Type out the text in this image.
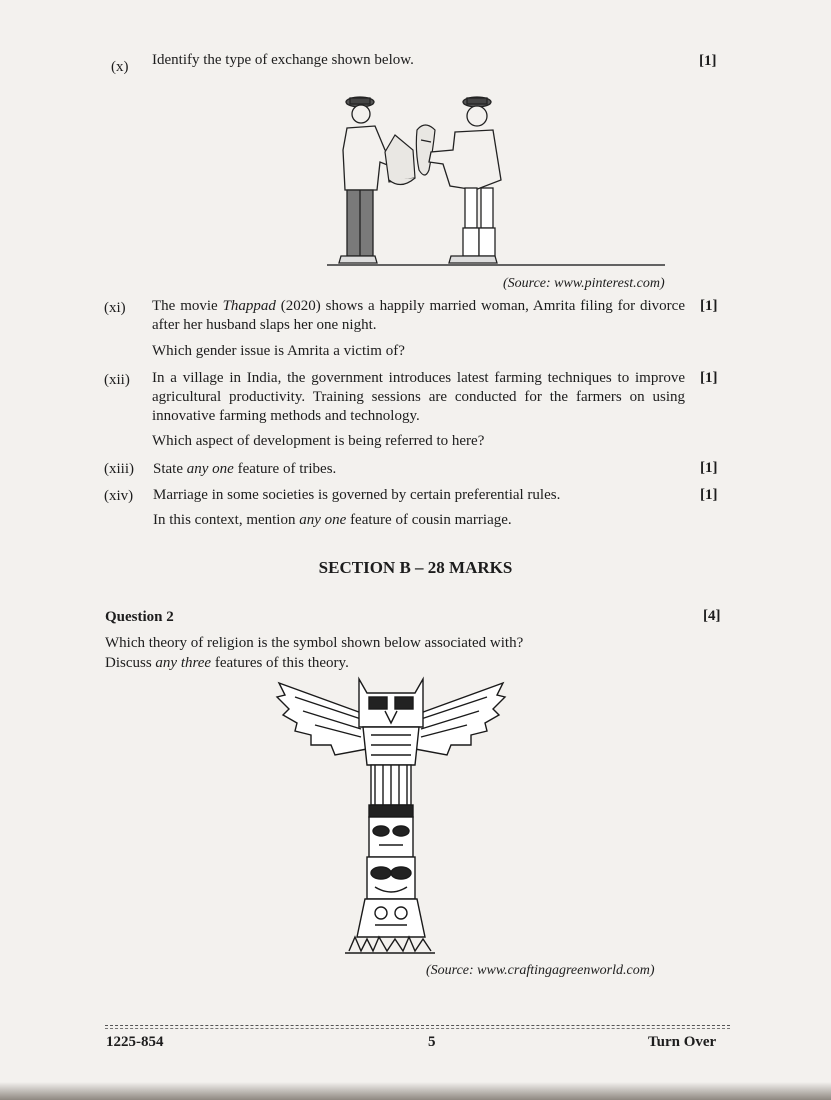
(x) Identify the type of exchange shown below.	[1]
(Source: www.pinterest.com)
(xi) The movie Thappad (2020) shows a happily married woman, Amrita filing for divorce after her husband slaps her one night.
Which gender issue is Amrita a victim of?
[1]
(xii) In a village in India, the government introduces latest farming techniques to improve agricultural productivity. Training sessions are conducted for the farmers on using innovative farming methods and technology.
Which aspect of development is being referred to here?
[1]
(xiii) State any one feature of tribes.	[1]
(xiv) Marriage in some societies is governed by certain preferential rules.
In this context, mention any one feature of cousin marriage.
[1]
SECTION B – 28 MARKS
Question 2	[4]
Which theory of religion is the symbol shown below associated with?
Discuss any three features of this theory.
(Source: www.craftingagreenworld.com)
1225-854	5	Turn Over
